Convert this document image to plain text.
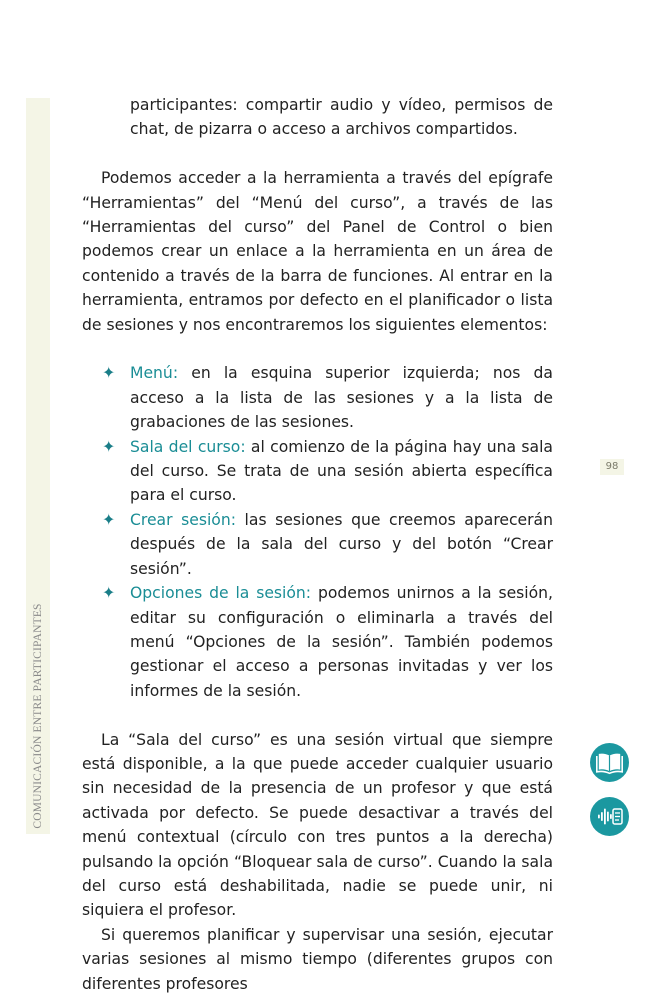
COMUNICACIÓN ENTRE PARTICIPANTES
98

participantes: compartir audio y vídeo, permisos de chat, de pizarra o acceso a archivos compartidos.

Podemos acceder a la herramienta a través del epígrafe “Herramientas” del “Menú del curso”, a través de las “Herramientas del curso” del Panel de Control o bien podemos crear un enlace a la herramienta en un área de contenido a través de la barra de funciones. Al entrar en la herramienta, entramos por defecto en el planificador o lista de sesiones y nos encontraremos los siguientes elementos:

✦ Menú: en la esquina superior izquierda; nos da acceso a la lista de las sesiones y a la lista de grabaciones de las sesiones.
✦ Sala del curso: al comienzo de la página hay una sala del curso. Se trata de una sesión abierta específica para el curso.
✦ Crear sesión: las sesiones que creemos aparecerán después de la sala del curso y del botón “Crear sesión”.
✦ Opciones de la sesión: podemos unirnos a la sesión, editar su configuración o eliminarla a través del menú “Opciones de la sesión”. También podemos gestionar el acceso a personas invitadas y ver los informes de la sesión.

La “Sala del curso” es una sesión virtual que siempre está disponible, a la que puede acceder cualquier usuario sin necesidad de la presencia de un profesor y que está activada por defecto. Se puede desactivar a través del menú contextual (círculo con tres puntos a la derecha) pulsando la opción “Bloquear sala de curso”. Cuando la sala del curso está deshabilitada, nadie se puede unir, ni siquiera el profesor.

Si queremos planificar y supervisar una sesión, ejecutar varias sesiones al mismo tiempo (diferentes grupos con diferentes profesores
